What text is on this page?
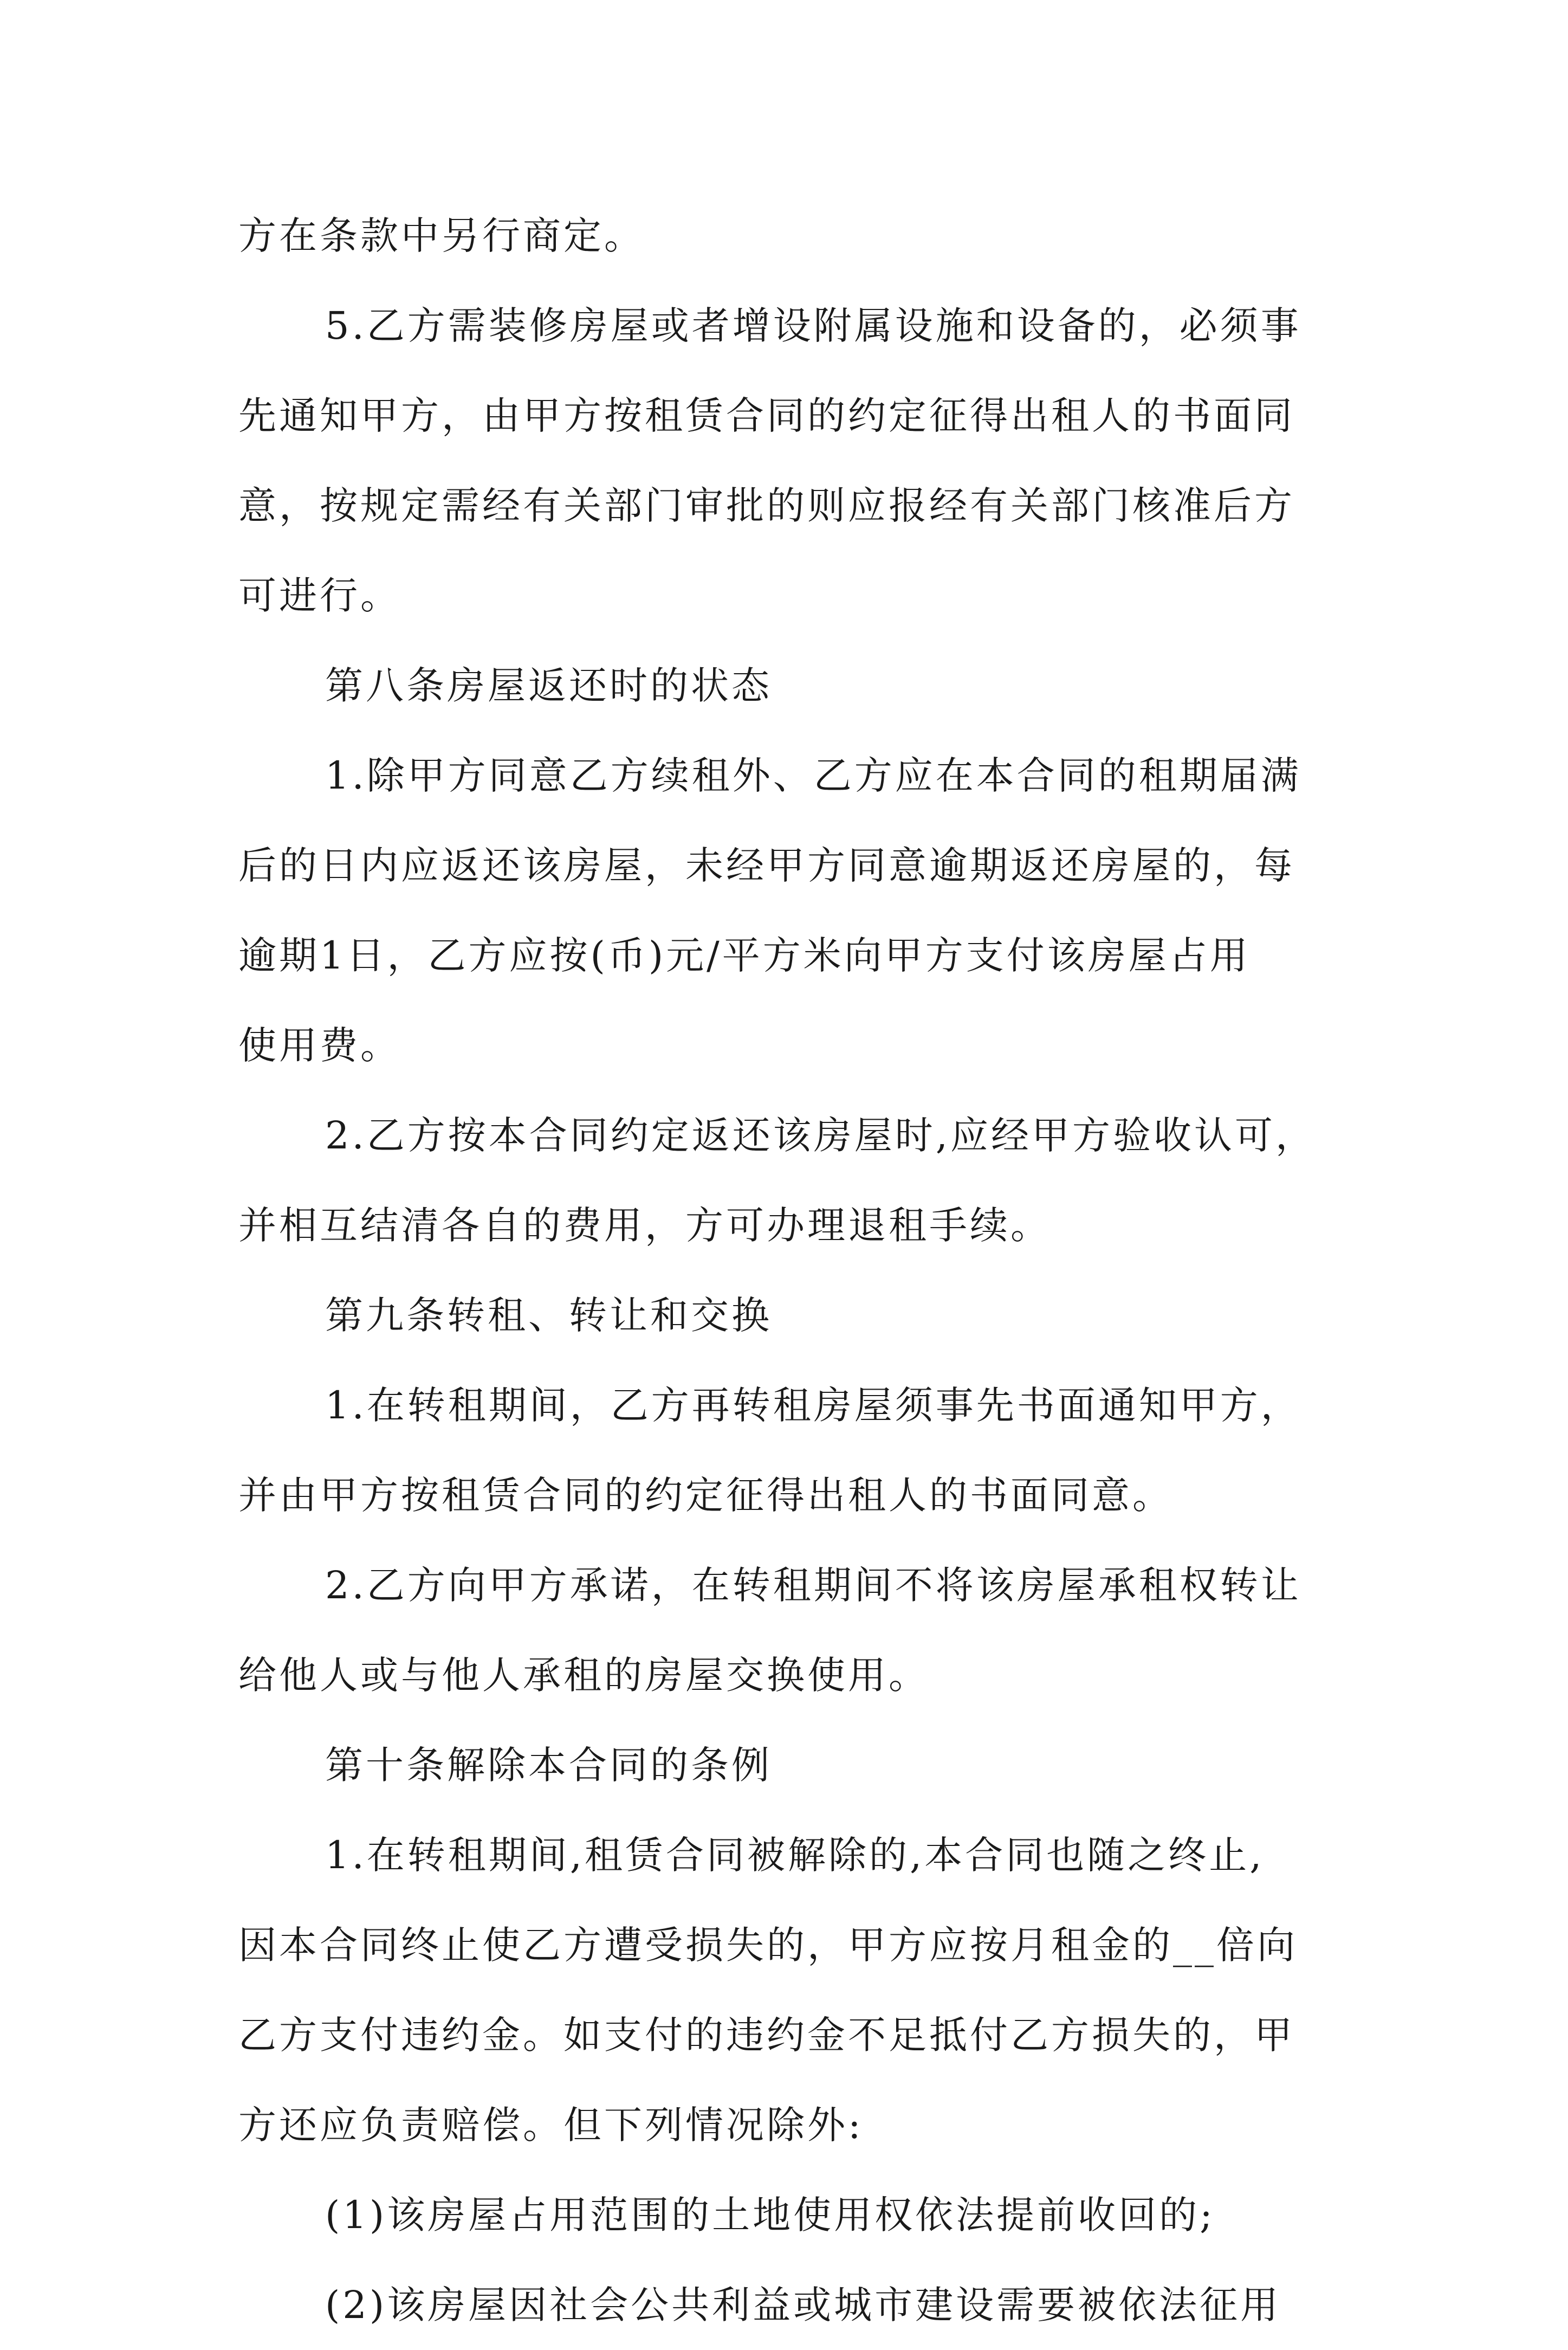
方在条款中另行商定。
5.乙方需装修房屋或者增设附属设施和设备的，必须事
先通知甲方，由甲方按租赁合同的约定征得出租人的书面同
意，按规定需经有关部门审批的则应报经有关部门核准后方
可进行。
第八条房屋返还时的状态
1.除甲方同意乙方续租外、乙方应在本合同的租期届满
后的日内应返还该房屋，未经甲方同意逾期返还房屋的，每
逾期1日，乙方应按(币)元/平方米向甲方支付该房屋占用
使用费。
2.乙方按本合同约定返还该房屋时,应经甲方验收认可，
并相互结清各自的费用，方可办理退租手续。
第九条转租、转让和交换
1.在转租期间，乙方再转租房屋须事先书面通知甲方，
并由甲方按租赁合同的约定征得出租人的书面同意。
2.乙方向甲方承诺，在转租期间不将该房屋承租权转让
给他人或与他人承租的房屋交换使用。
第十条解除本合同的条例
1.在转租期间,租赁合同被解除的,本合同也随之终止,
因本合同终止使乙方遭受损失的，甲方应按月租金的__倍向
乙方支付违约金。如支付的违约金不足抵付乙方损失的，甲
方还应负责赔偿。但下列情况除外:
(1)该房屋占用范围的土地使用权依法提前收回的;
(2)该房屋因社会公共利益或城市建设需要被依法征用
